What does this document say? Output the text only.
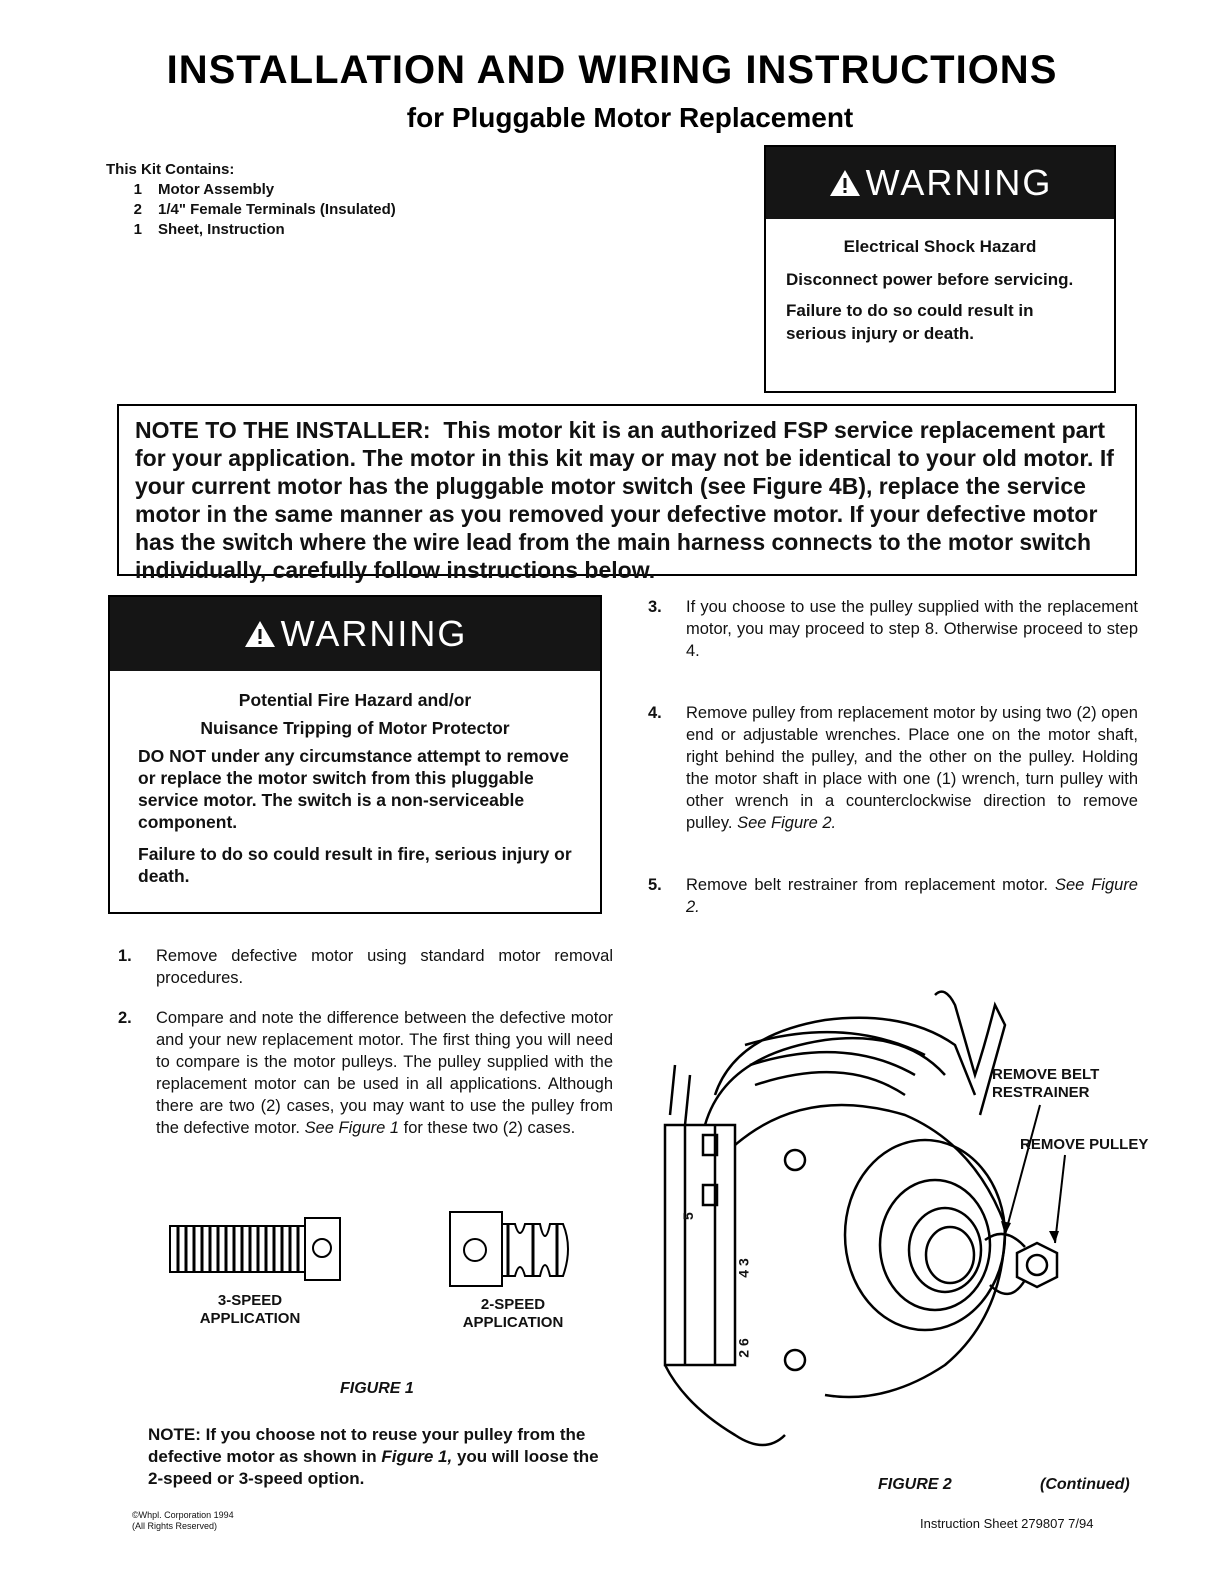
INSTALLATION AND WIRING INSTRUCTIONS
for Pluggable Motor Replacement
This Kit Contains:
1	Motor Assembly
2	1/4" Female Terminals (Insulated)
1	Sheet, Instruction
WARNING
Electrical Shock Hazard

Disconnect power before servicing.

Failure to do so could result in serious injury or death.

NOTE TO THE INSTALLER: This motor kit is an authorized FSP service replacement part for your application. The motor in this kit may or may not be identical to your old motor. If your current motor has the pluggable motor switch (see Figure 4B), replace the service motor in the same manner as you removed your defective motor. If your defective motor has the switch where the wire lead from the main harness connects to the motor switch individually, carefully follow instructions below.
WARNING
Potential Fire Hazard and/or
Nuisance Tripping of Motor Protector

DO NOT under any circumstance attempt to remove or replace the motor switch from this pluggable service motor. The switch is a non-serviceable component.

Failure to do so could result in fire, serious injury or death.

1.	Remove defective motor using standard motor removal procedures.
2.	Compare and note the difference between the defective motor and your new replacement motor. The first thing you will need to compare is the motor pulleys. The pulley supplied with the replacement motor can be used in all applications. Although there are two (2) cases, you may want to use the pulley from the defective motor. See Figure 1 for these two (2) cases.
3.	If you choose to use the pulley supplied with the replacement motor, you may proceed to step 8. Otherwise proceed to step 4.
4.	Remove pulley from replacement motor by using two (2) open end or adjustable wrenches. Place one on the motor shaft, right behind the pulley, and the other on the pulley. Holding the motor shaft in place with one (1) wrench, turn pulley with other wrench in a counterclockwise direction to remove pulley. See Figure 2.
5.	Remove belt restrainer from replacement motor. See Figure 2.
3-SPEED
APPLICATION
2-SPEED
APPLICATION
FIGURE 1
5
4 3
2 6
REMOVE BELT
RESTRAINER
REMOVE PULLEY
FIGURE 2	(Continued)
NOTE: If you choose not to reuse your pulley from the defective motor as shown in Figure 1, you will loose the 2-speed or 3-speed option.
©Whpl. Corporation 1994
(All Rights Reserved)	Instruction Sheet 279807 7/94
